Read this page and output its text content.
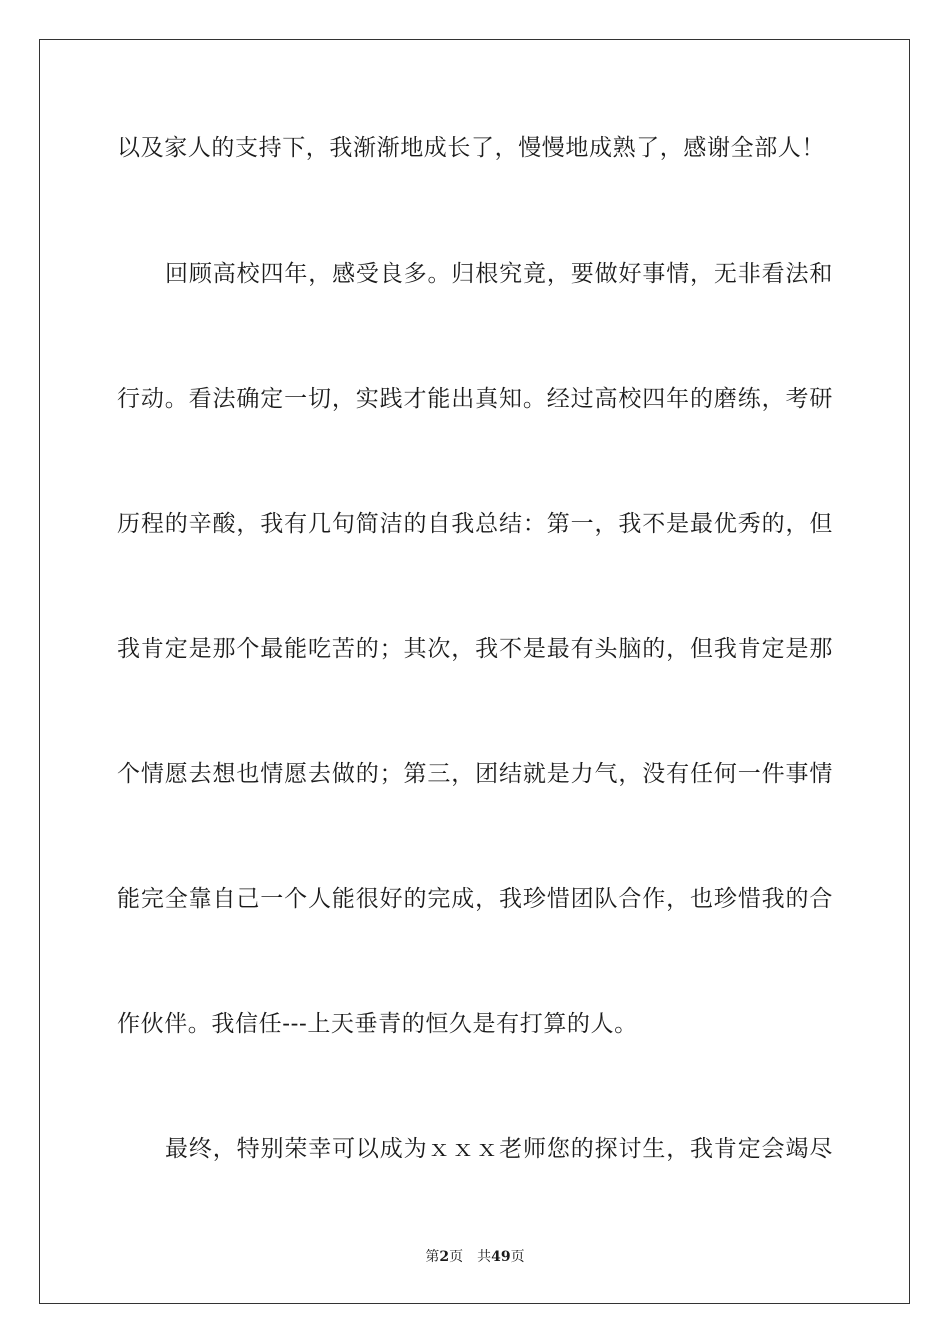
以及家人的支持下，我渐渐地成长了，慢慢地成熟了，感谢全部人！
回顾高校四年，感受良多。归根究竟，要做好事情，无非看法和
行动。看法确定一切，实践才能出真知。经过高校四年的磨练，考研
历程的辛酸，我有几句简洁的自我总结：第一，我不是最优秀的，但
我肯定是那个最能吃苦的；其次，我不是最有头脑的，但我肯定是那
个情愿去想也情愿去做的；第三，团结就是力气，没有任何一件事情
能完全靠自己一个人能很好的完成，我珍惜团队合作，也珍惜我的合
作伙伴。我信任---上天垂青的恒久是有打算的人。
最终，特别荣幸可以成为ｘｘｘ老师您的探讨生，我肯定会竭尽
第2页 共49页
